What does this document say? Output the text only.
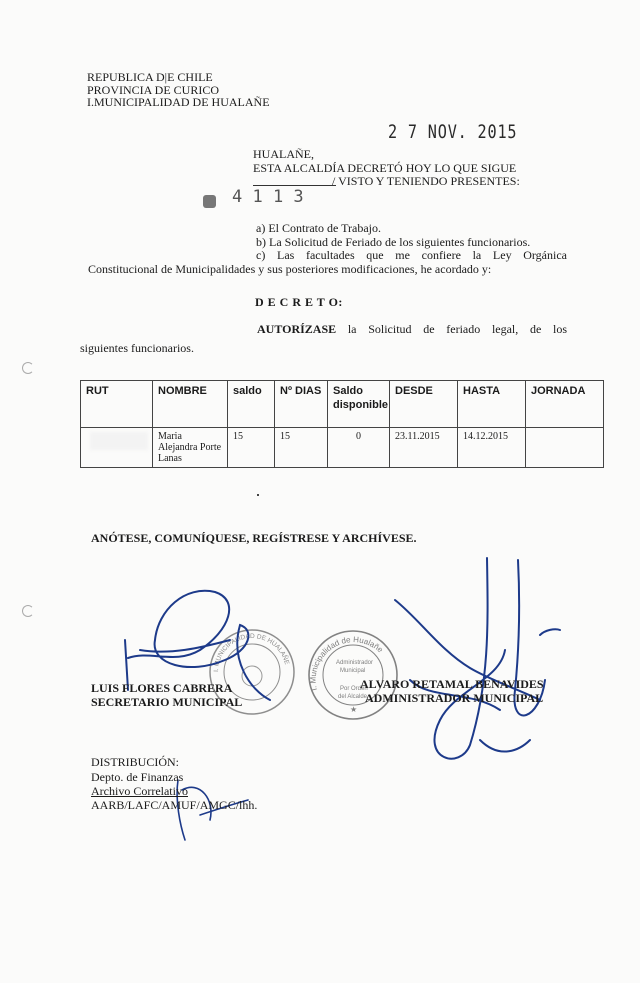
REPUBLICA D|E CHILE
PROVINCIA DE CURICO
I.MUNICIPALIDAD DE HUALAÑE
2 7 NOV. 2015
HUALAÑE,
ESTA ALCALDÍA DECRETÓ HOY LO QUE SIGUE
/ VISTO Y TENIENDO PRESENTES:
4 1 1 3
a) El Contrato de Trabajo.
b) La Solicitud de Feriado de los siguientes funcionarios.
c) Las facultades que me confiere la Ley Orgánica
Constitucional de Municipalidades y sus posteriores modificaciones, he acordado y:
D E C R E T O:
AUTORÍZASE la Solicitud de feriado legal, de los
siguientes funcionarios.
RUT	NOMBRE	saldo	Nº DIAS	Saldo disponible	DESDE	HASTA	JORNADA
	Maria Alejandra Porte Lanas	15	15	0	23.11.2015	14.12.2015	
ANÓTESE, COMUNÍQUESE, REGÍSTRESE Y ARCHÍVESE.
I. MUNICIPALIDAD DE HUALAÑE
I. Municipalidad de Hualañe
Administrador
Municipal
Por Orden
del Alcalde
★
LUIS FLORES CABRERA
SECRETARIO MUNICIPAL
ALVARO RETAMAL BENAVIDES
ADMINISTRADOR MUNICIPAL
DISTRIBUCIÓN:
Depto. de Finanzas
Archivo Correlativo
AARB/LAFC/AMUF/AMGC/lhh.
